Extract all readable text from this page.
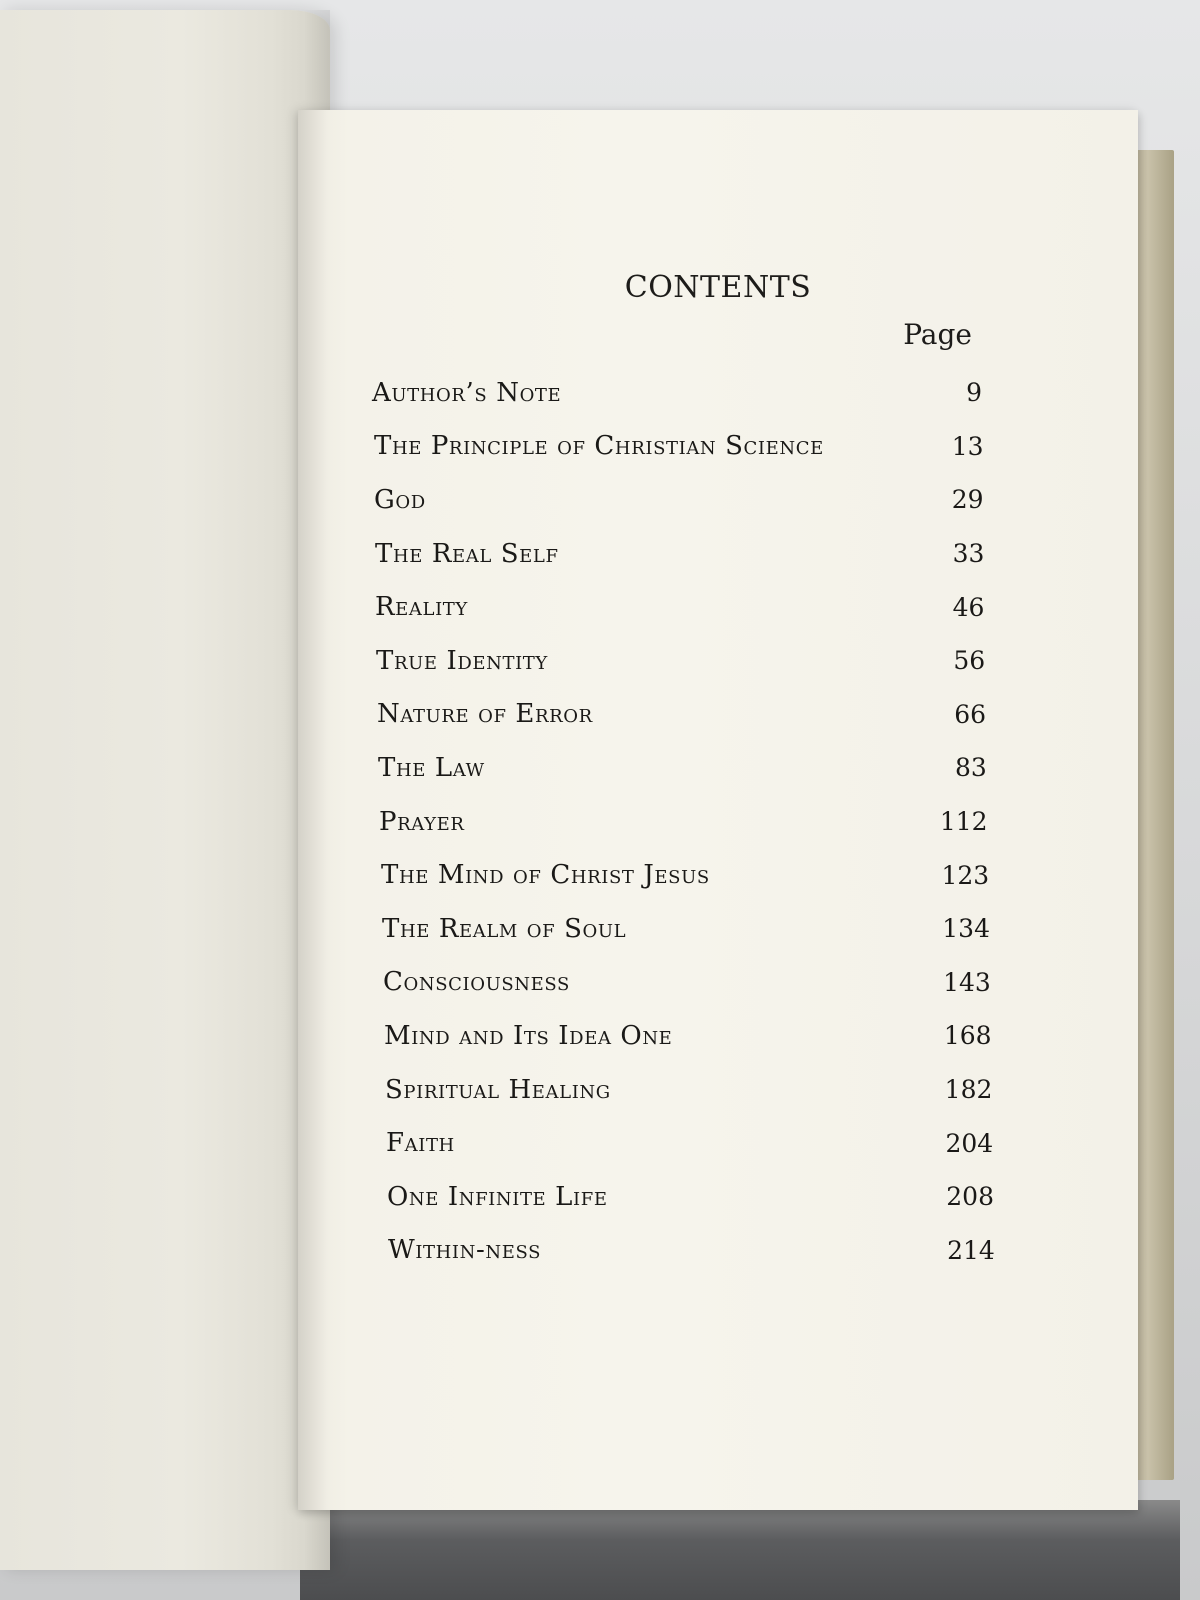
CONTENTS
Page
Author’s Note	9
The Principle of Christian Science	13
God	29
The Real Self	33
Reality	46
True Identity	56
Nature of Error	66
The Law	83
Prayer	112
The Mind of Christ Jesus	123
The Realm of Soul	134
Consciousness	143
Mind and Its Idea One	168
Spiritual Healing	182
Faith	204
One Infinite Life	208
Within-ness	214
